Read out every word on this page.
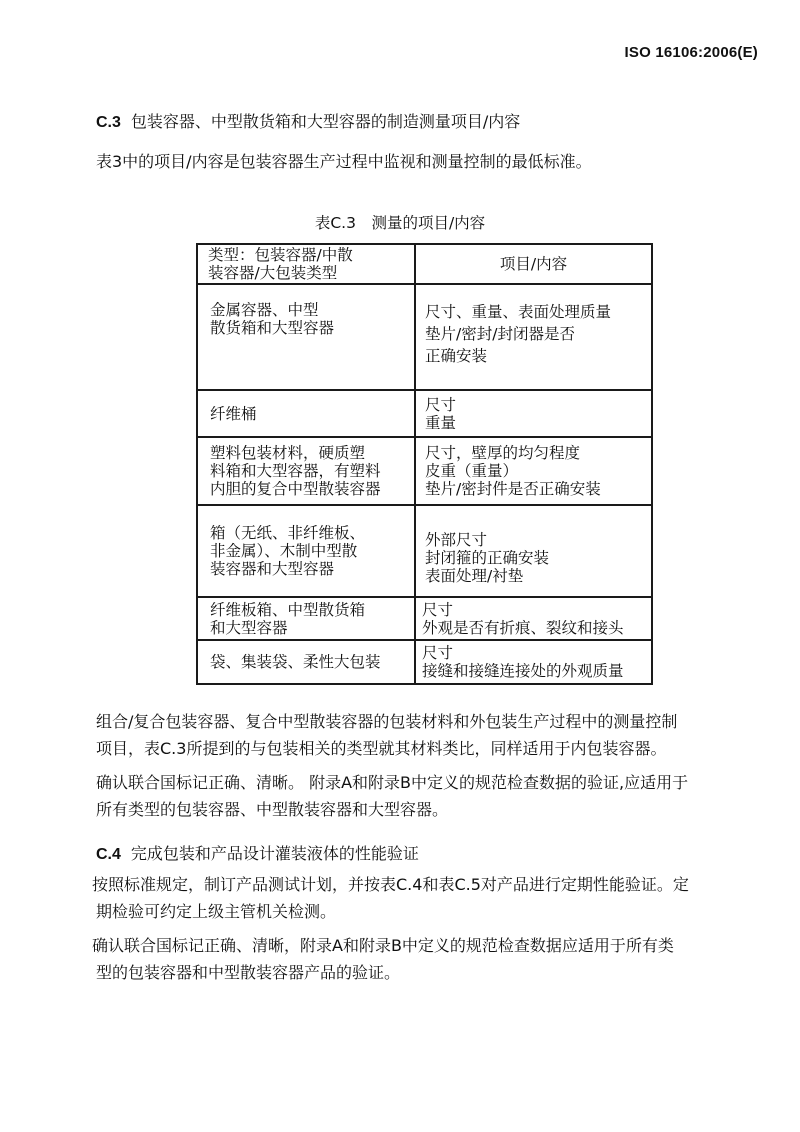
ISO 16106:2006(E)
C.3 包装容器、中型散货箱和大型容器的制造测量项目/内容
表3中的项目/内容是包装容器生产过程中监视和测量控制的最低标准。
表C.3　测量的项目/内容
类型：包装容器/中散
装容器/大包装类型	项目/内容

金属容器、中型
散货箱和大型容器	尺寸、重量、表面处理质量
垫片/密封/封闭器是否
正确安装

纤维桶	尺寸
重量

塑料包装材料，硬质塑
料箱和大型容器，有塑料
内胆的复合中型散装容器	尺寸，壁厚的均匀程度
皮重（重量）
垫片/密封件是否正确安装

箱（无纸、非纤维板、
非金属）、木制中型散
装容器和大型容器	外部尺寸
封闭箍的正确安装
表面处理/衬垫

纤维板箱、中型散货箱
和大型容器	尺寸
外观是否有折痕、裂纹和接头

袋、集装袋、柔性大包装	尺寸
接缝和接缝连接处的外观质量
组合/复合包装容器、复合中型散装容器的包装材料和外包装生产过程中的测量控制
项目，表C.3所提到的与包装相关的类型就其材料类比，同样适用于内包装容器。
确认联合国标记正确、清晰。 附录A和附录B中定义的规范检查数据的验证,应适用于
所有类型的包装容器、中型散装容器和大型容器。
C.4 完成包装和产品设计灌装液体的性能验证
按照标准规定，制订产品测试计划，并按表C.4和表C.5对产品进行定期性能验证。定
期检验可约定上级主管机关检测。
确认联合国标记正确、清晰，附录A和附录B中定义的规范检查数据应适用于所有类
型的包装容器和中型散装容器产品的验证。
